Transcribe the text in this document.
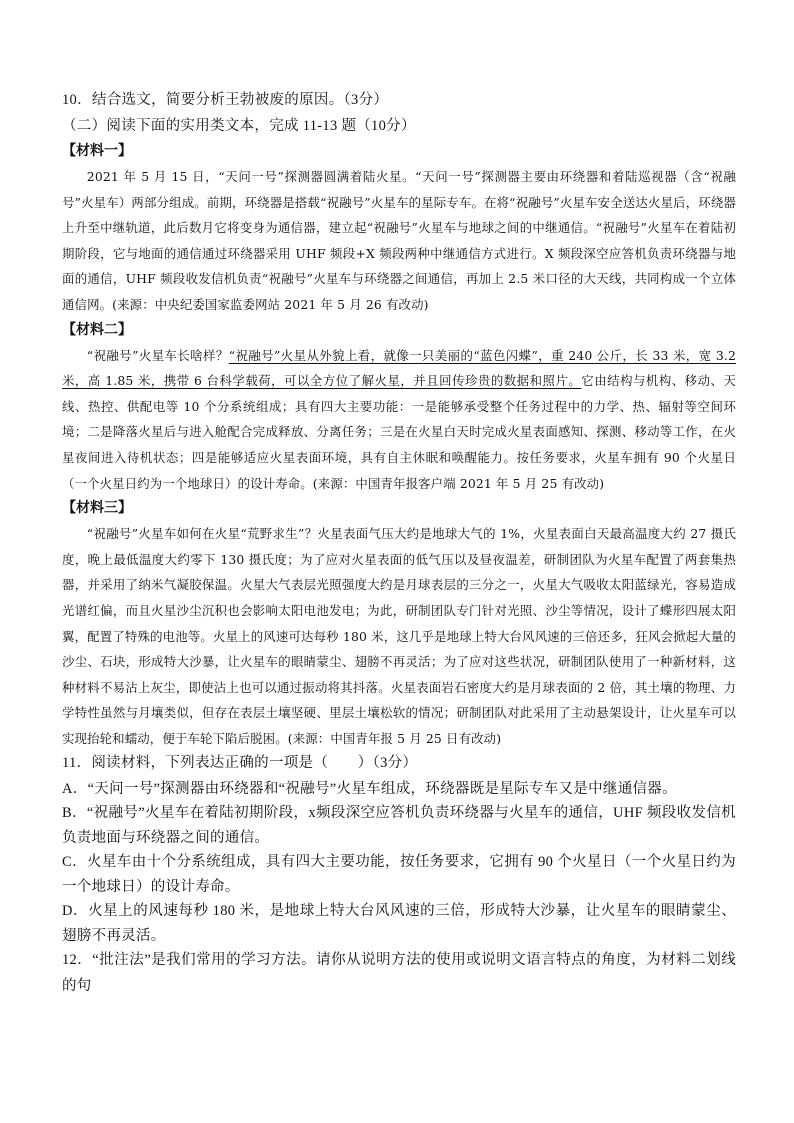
10．结合选文，简要分析王勃被废的原因。（3分）

（二）阅读下面的实用类文本，完成 11-13 题（10分）

【材料一】

2021 年 5 月 15 日，“天问一号”探测器圆满着陆火星。“天问一号”探测器主要由环绕器和着陆巡视器（含“祝融号”火星车）两部分组成。前期，环绕器是搭载“祝融号”火星车的星际专车。在将“祝融号”火星车安全送达火星后，环绕器上升至中继轨道，此后数月它将变身为通信器，建立起“祝融号”火星车与地球之间的中继通信。“祝融号”火星车在着陆初期阶段，它与地面的通信通过环绕器采用 UHF 频段+X 频段两种中继通信方式进行。X 频段深空应答机负责环绕器与地面的通信，UHF 频段收发信机负责“祝融号”火星车与环绕器之间通信，再加上 2.5 米口径的大天线，共同构成一个立体通信网。(来源：中央纪委国家监委网站 2021 年 5 月 26 有改动)

【材料二】

“祝融号”火星车长啥样？“祝融号”火星从外貌上看，就像一只美丽的“蓝色闪蝶”，重 240 公斤，长 33 米，宽 3.2 米，高 1.85 米，携带 6 台科学载荷，可以全方位了解火星，并且回传珍贵的数据和照片。它由结构与机构、移动、天线、热控、供配电等 10 个分系统组成；具有四大主要功能：一是能够承受整个任务过程中的力学、热、辐射等空间环境；二是降落火星后与进入舱配合完成释放、分离任务；三是在火星白天时完成火星表面感知、探测、移动等工作，在火星夜间进入待机状态；四是能够适应火星表面环境，具有自主休眠和唤醒能力。按任务要求，火星车拥有 90 个火星日（一个火星日约为一个地球日）的设计寿命。(来源：中国青年报客户端 2021 年 5 月 25 有改动)

【材料三】

“祝融号”火星车如何在火星“荒野求生”？火星表面气压大约是地球大气的 1%，火星表面白天最高温度大约 27 摄氏度，晚上最低温度大约零下 130 摄氏度；为了应对火星表面的低气压以及昼夜温差，研制团队为火星车配置了两套集热器，并采用了纳米气凝胶保温。火星大气表层光照强度大约是月球表层的三分之一，火星大气吸收太阳蓝绿光，容易造成光谱红偏，而且火星沙尘沉积也会影响太阳电池发电；为此，研制团队专门针对光照、沙尘等情况，设计了蝶形四展太阳翼，配置了特殊的电池等。火星上的风速可达每秒 180 米，这几乎是地球上特大台风风速的三倍还多，狂风会掀起大量的沙尘、石块，形成特大沙暴，让火星车的眼睛蒙尘、翅膀不再灵活；为了应对这些状况，研制团队使用了一种新材料，这种材料不易沾上灰尘，即使沾上也可以通过振动将其抖落。火星表面岩石密度大约是月球表面的 2 倍，其土壤的物理、力学特性虽然与月壤类似，但存在表层土壤坚硬、里层土壤松软的情况；研制团队对此采用了主动悬架设计，让火星车可以实现抬轮和蠕动，便于车轮下陷后脱困。(来源：中国青年报 5 月 25 日有改动)

11．阅读材料，下列表达正确的一项是（　　）（3分）

A．“天问一号”探测器由环绕器和“祝融号”火星车组成，环绕器既是星际专车又是中继通信器。

B．“祝融号”火星车在着陆初期阶段，x频段深空应答机负责环绕器与火星车的通信，UHF 频段收发信机负责地面与环绕器之间的通信。

C．火星车由十个分系统组成，具有四大主要功能，按任务要求，它拥有 90 个火星日（一个火星日约为一个地球日）的设计寿命。

D．火星上的风速每秒 180 米，是地球上特大台风风速的三倍，形成特大沙暴，让火星车的眼睛蒙尘、翅膀不再灵活。

12．“批注法”是我们常用的学习方法。请你从说明方法的使用或说明文语言特点的角度，为材料二划线的句
